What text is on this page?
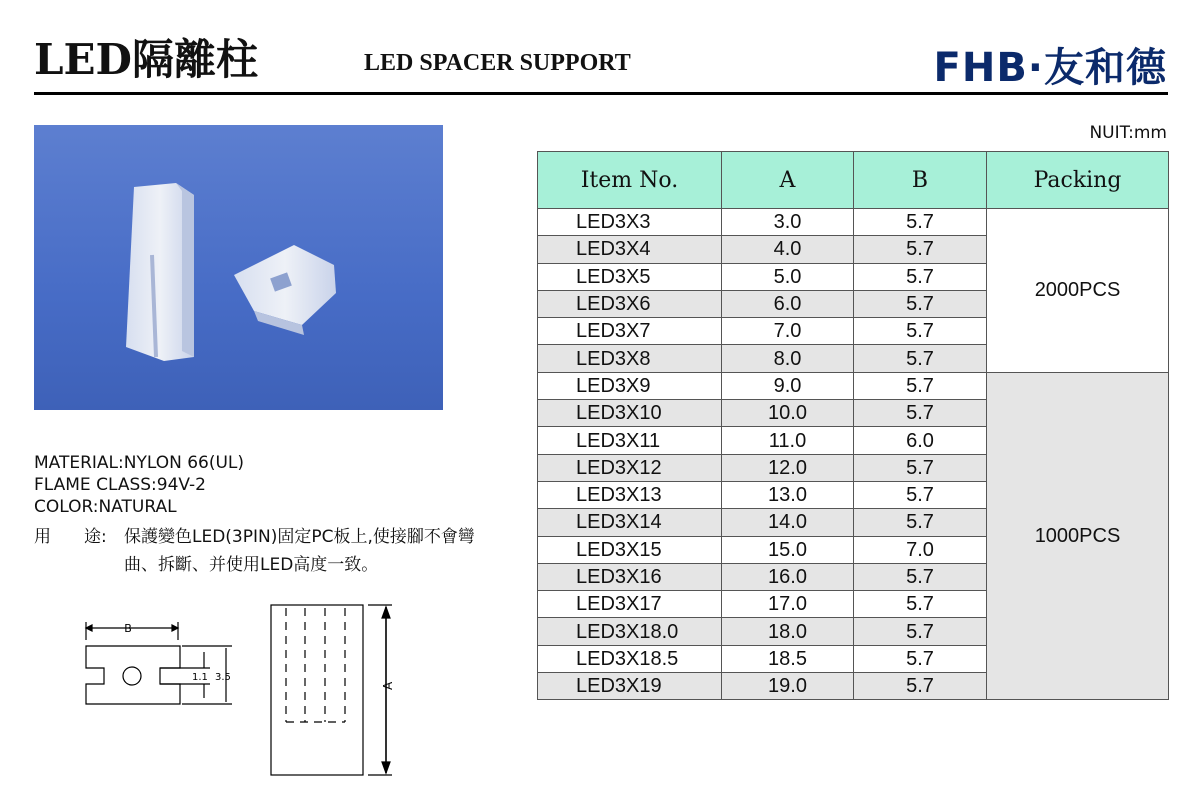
LED隔離柱	LED SPACER SUPPORT	FHB·友和德
MATERIAL:NYLON 66(UL)
FLAME CLASS:94V-2
COLOR:NATURAL
用 途: 保護變色LED(3PIN)固定PC板上,使接腳不會彎曲、拆斷、并使用LED高度一致。
B
1.1 3.5
A
NUIT:mm
Item No.	A	B	Packing
LED3X3	3.0	5.7	2000PCS
LED3X4	4.0	5.7	
LED3X5	5.0	5.7	
LED3X6	6.0	5.7	
LED3X7	7.0	5.7	
LED3X8	8.0	5.7	
LED3X9	9.0	5.7	1000PCS
LED3X10	10.0	5.7	
LED3X11	11.0	6.0	
LED3X12	12.0	5.7	
LED3X13	13.0	5.7	
LED3X14	14.0	5.7	
LED3X15	15.0	7.0	
LED3X16	16.0	5.7	
LED3X17	17.0	5.7	
LED3X18.0	18.0	5.7	
LED3X18.5	18.5	5.7	
LED3X19	19.0	5.7	
